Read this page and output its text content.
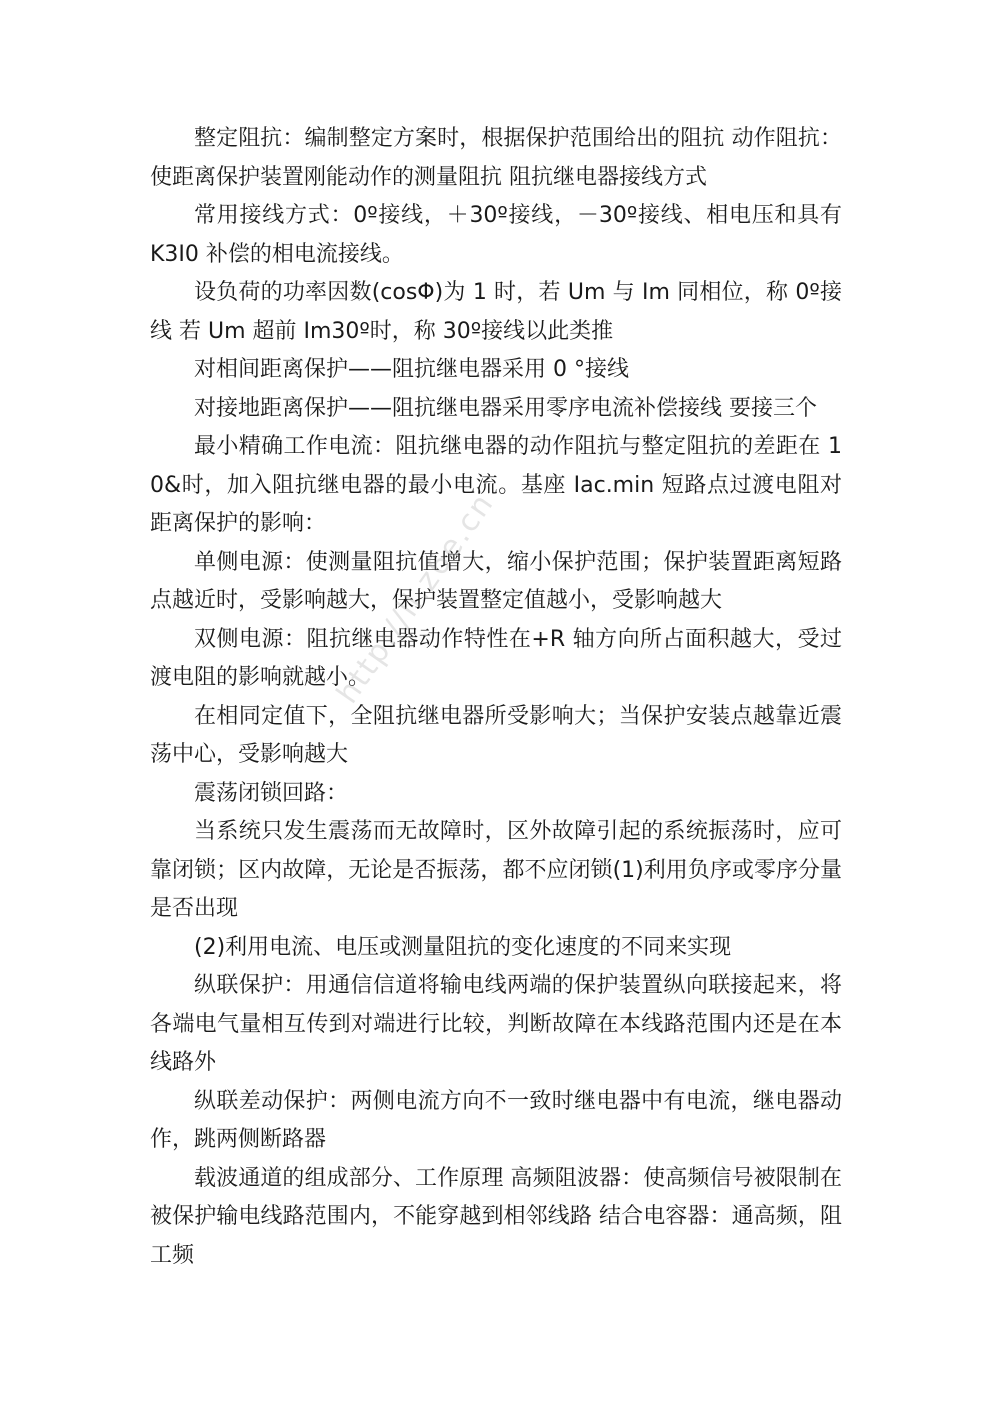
整定阻抗：编制整定方案时，根据保护范围给出的阻抗 动作阻抗：使距离保护装置刚能动作的测量阻抗 阻抗继电器接线方式

常用接线方式：0º接线，＋30º接线，－30º接线、相电压和具有 K3I0 补偿的相电流接线。

设负荷的功率因数(cosΦ)为 1 时，若 Um 与 Im 同相位，称 0º接线 若 Um 超前 Im30º时，称 30º接线以此类推

对相间距离保护——阻抗继电器采用 0 °接线

对接地距离保护——阻抗继电器采用零序电流补偿接线 要接三个

最小精确工作电流：阻抗继电器的动作阻抗与整定阻抗的差距在 10&时，加入阻抗继电器的最小电流。基座 Iac.min 短路点过渡电阻对距离保护的影响：

单侧电源：使测量阻抗值增大，缩小保护范围；保护装置距离短路点越近时，受影响越大，保护装置整定值越小，受影响越大

双侧电源：阻抗继电器动作特性在+R 轴方向所占面积越大，受过渡电阻的影响就越小。

在相同定值下，全阻抗继电器所受影响大；当保护安装点越靠近震荡中心，受影响越大

震荡闭锁回路：

当系统只发生震荡而无故障时，区外故障引起的系统振荡时，应可靠闭锁；区内故障，无论是否振荡，都不应闭锁(1)利用负序或零序分量是否出现

(2)利用电流、电压或测量阻抗的变化速度的不同来实现

纵联保护：用通信信道将输电线两端的保护装置纵向联接起来，将各端电气量相互传到对端进行比较，判断故障在本线路范围内还是在本线路外

纵联差动保护：两侧电流方向不一致时继电器中有电流，继电器动作，跳两侧断路器

载波通道的组成部分、工作原理 高频阻波器：使高频信号被限制在被保护输电线路范围内，不能穿越到相邻线路 结合电容器：通高频，阻工频

http://ll.z6e.cn
